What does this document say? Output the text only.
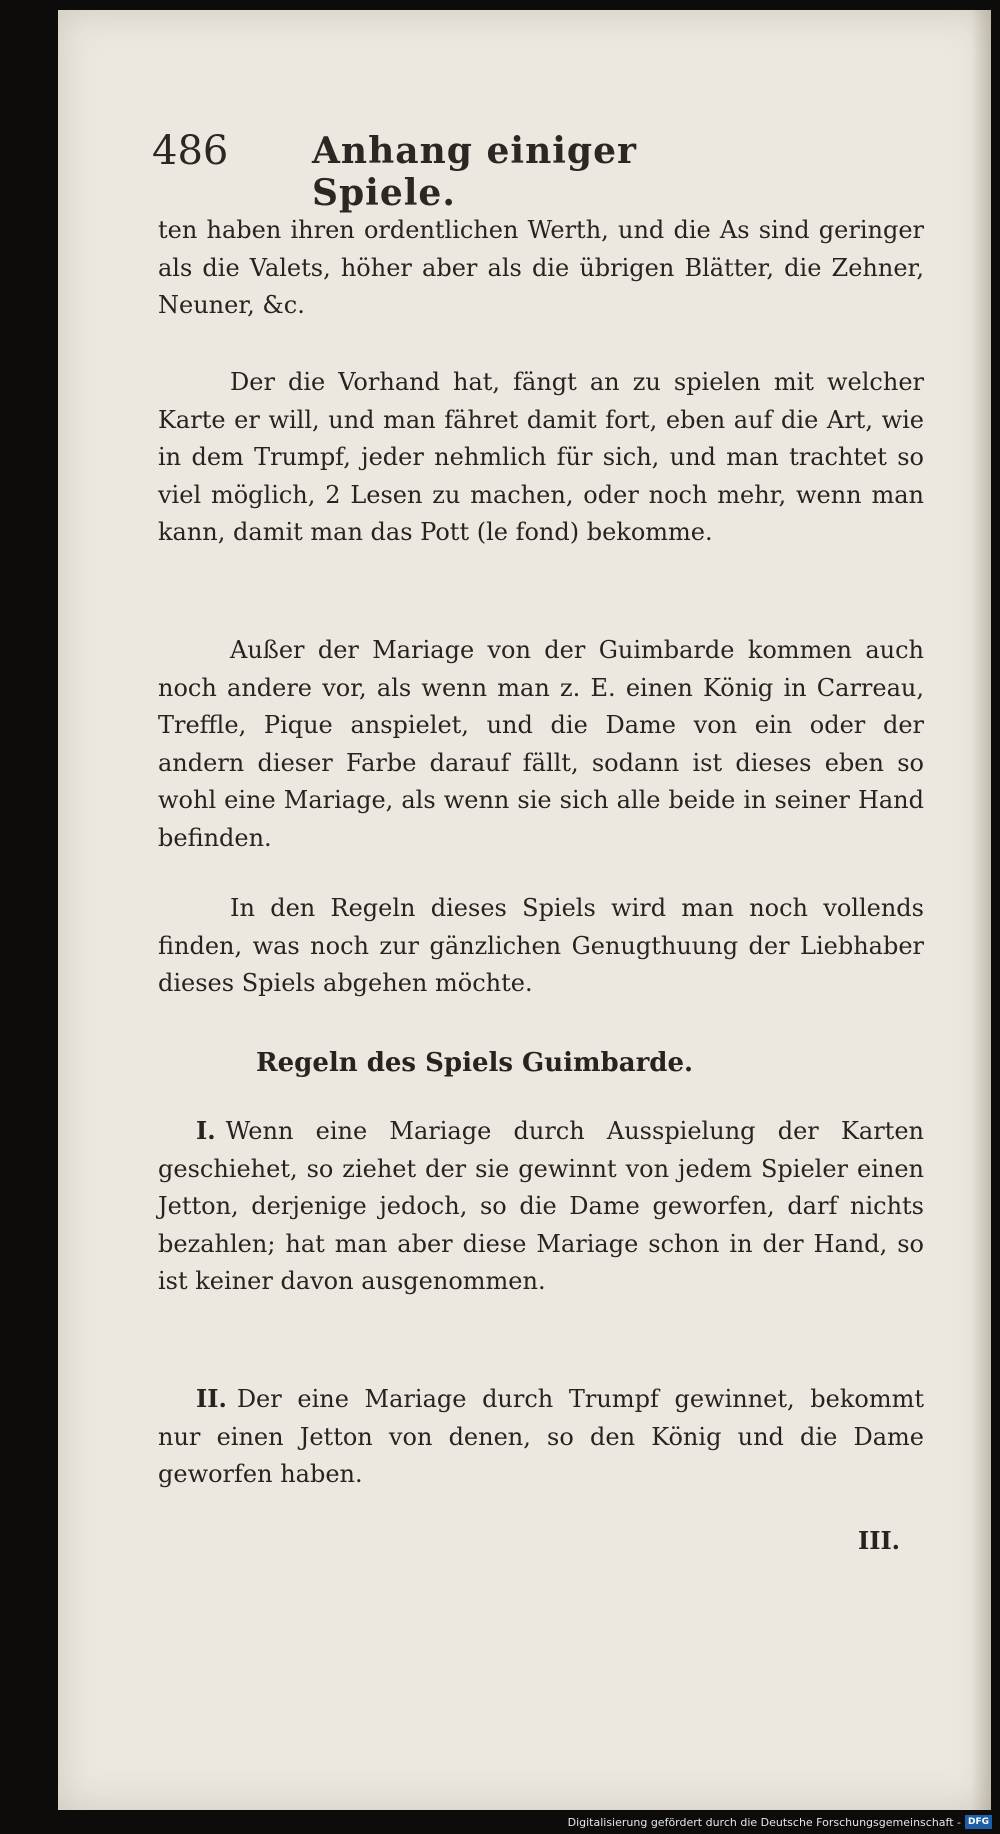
486 Anhang einiger Spiele.

ten haben ihren ordentlichen Werth, und die As sind geringer als die Valets, höher aber als die übrigen Blätter, die Zehner, Neuner, &c.

Der die Vorhand hat, fängt an zu spielen mit welcher Karte er will, und man fähret damit fort, eben auf die Art, wie in dem Trumpf, jeder nehmlich für sich, und man trachtet so viel möglich, 2 Lesen zu machen, oder noch mehr, wenn man kann, damit man das Pott (le fond) bekomme.

Außer der Mariage von der Guimbarde kommen auch noch andere vor, als wenn man z. E. einen König in Carreau, Treffle, Pique anspielet, und die Dame von ein oder der andern dieser Farbe darauf fällt, sodann ist dieses eben so wohl eine Mariage, als wenn sie sich alle beide in seiner Hand befinden.

In den Regeln dieses Spiels wird man noch vollends finden, was noch zur gänzlichen Genugthuung der Liebhaber dieses Spiels abgehen möchte.

Regeln des Spiels Guimbarde.

I. Wenn eine Mariage durch Ausspielung der Karten geschiehet, so ziehet der sie gewinnt von jedem Spieler einen Jetton, derjenige jedoch, so die Dame geworfen, darf nichts bezahlen; hat man aber diese Mariage schon in der Hand, so ist keiner davon ausgenommen.

II. Der eine Mariage durch Trumpf gewinnet, bekommt nur einen Jetton von denen, so den König und die Dame geworfen haben.

III.
Digitalisierung gefördert durch die Deutsche Forschungsgemeinschaft - DFG
